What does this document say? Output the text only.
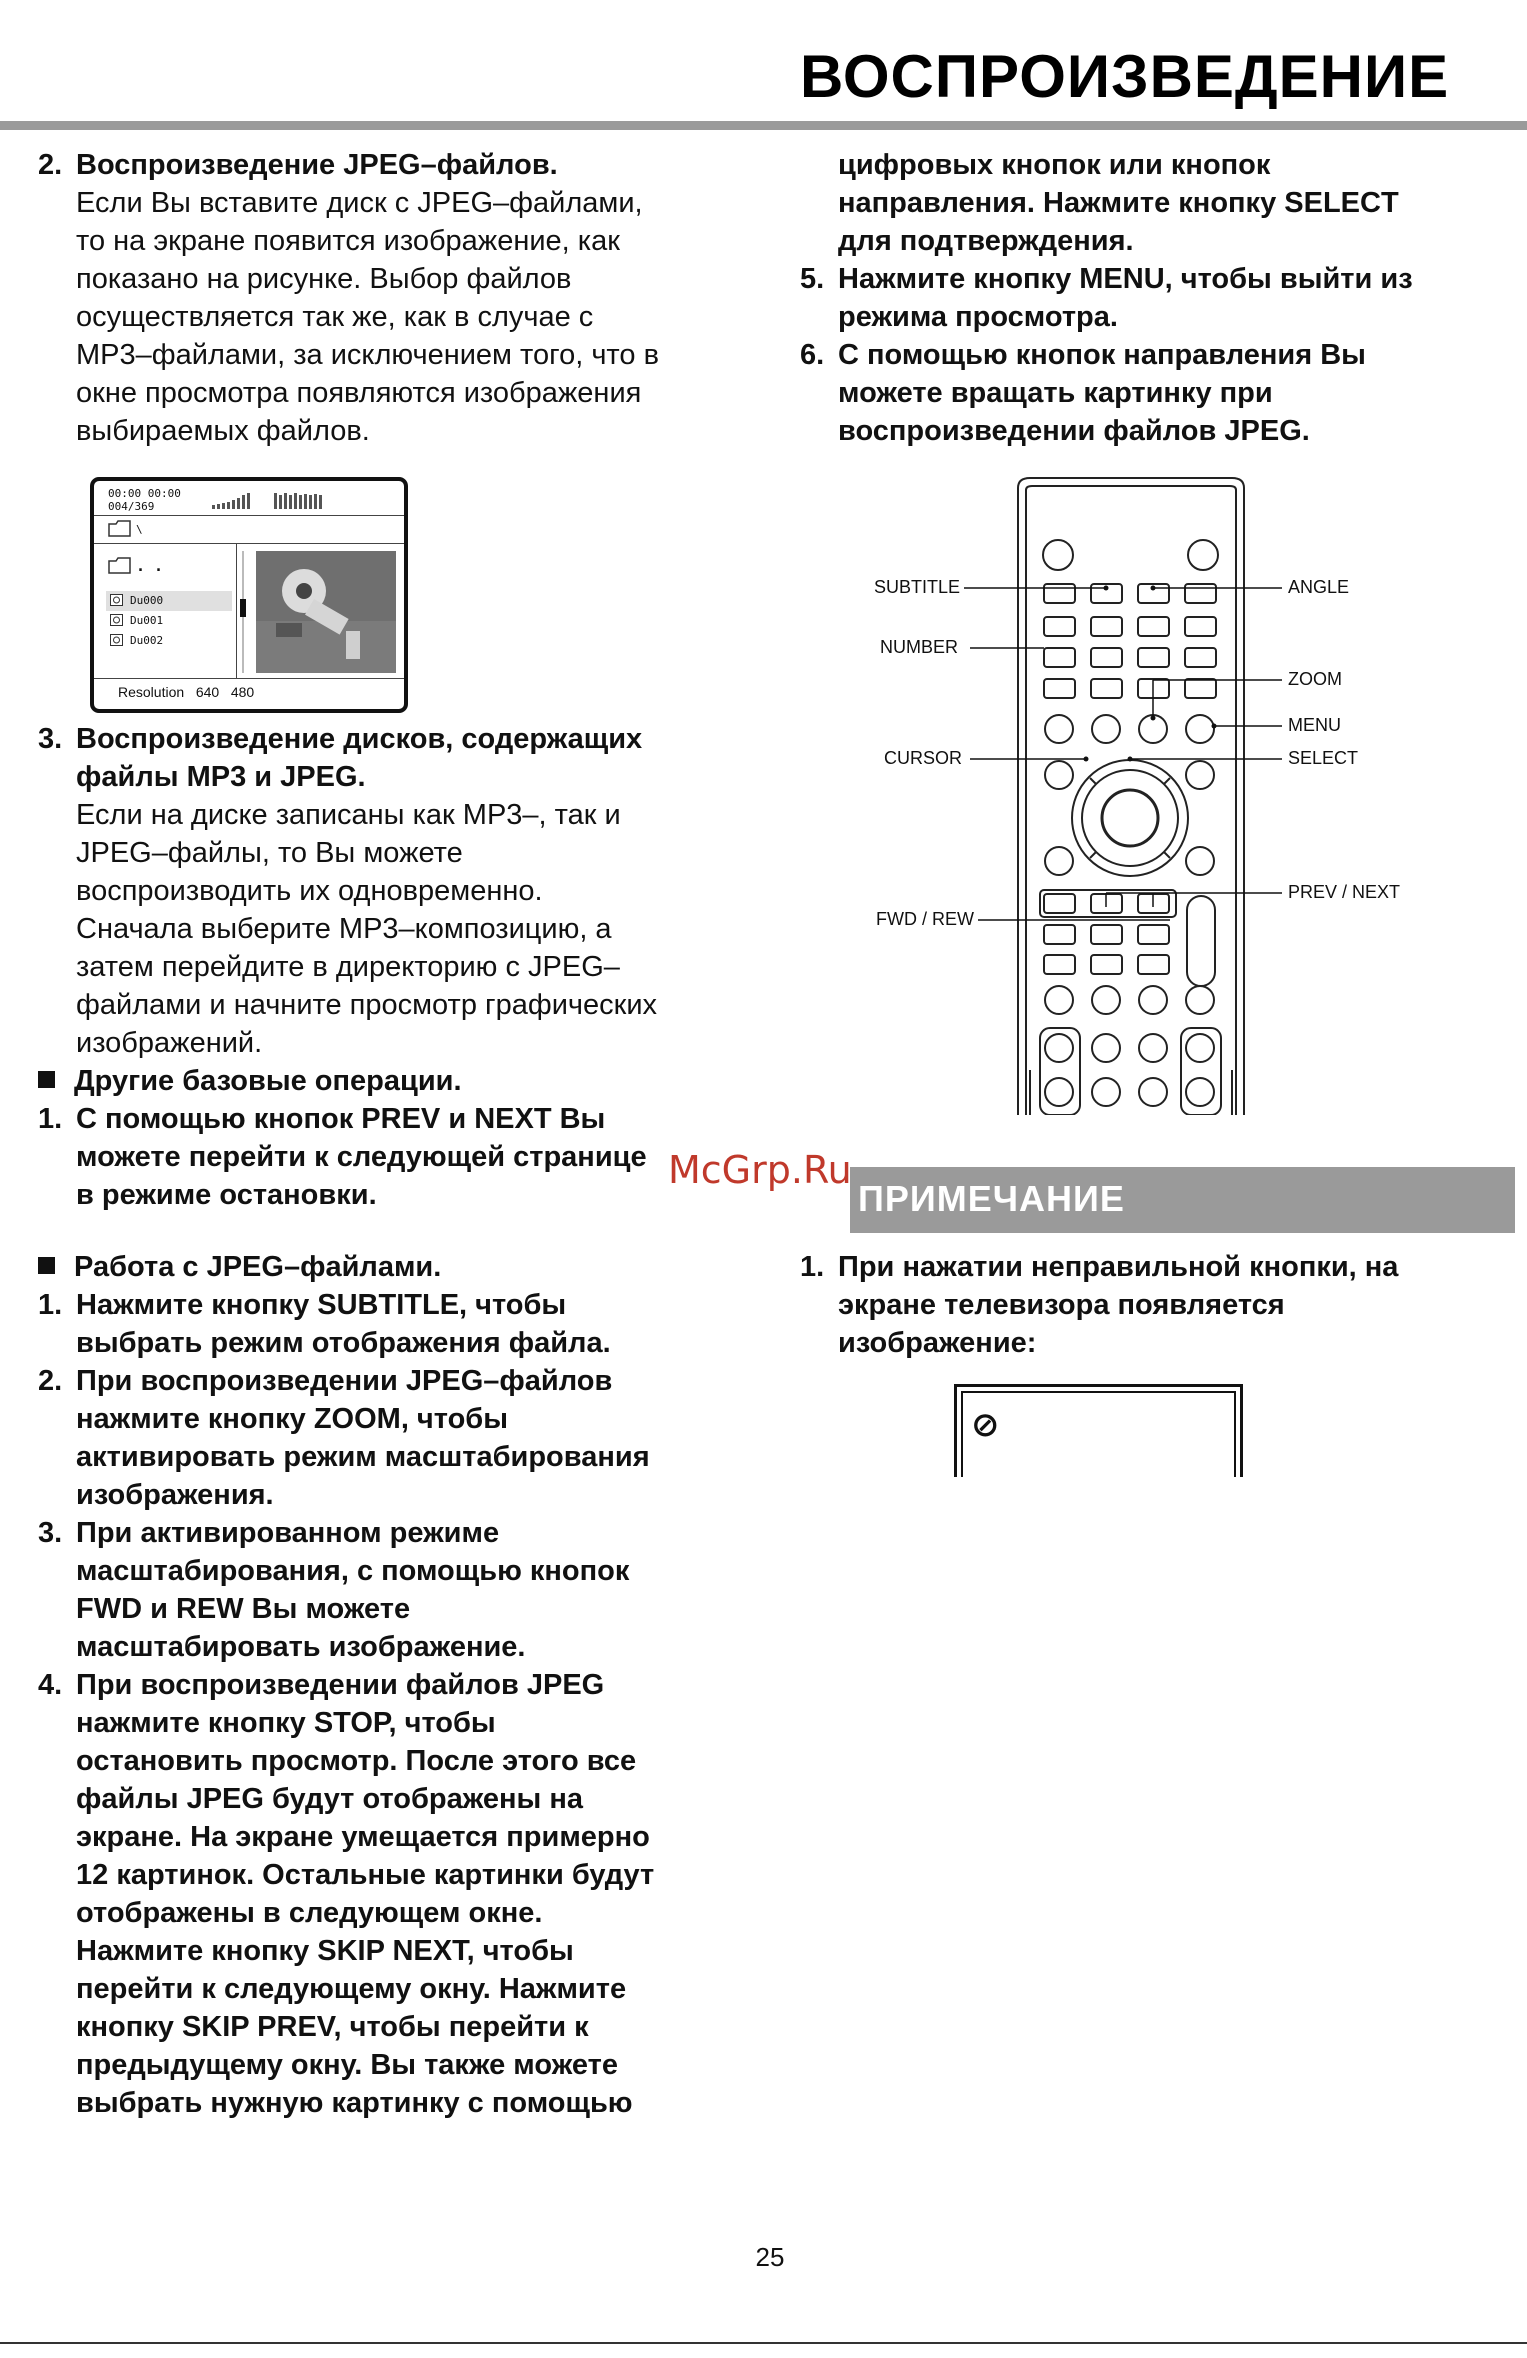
ВОСПРОИЗВЕДЕНИЕ
2. Воспроизведение JPEG–файлов.
Если Вы вставите диск с JPEG–файлами,
то на экране появится изображение, как
показано на рисунке. Выбор файлов
осуществляется так же, как в случае с
MP3–файлами, за исключением того, что в
окне просмотра появляются изображения
выбираемых файлов.
00:00 00:00
004/369
\
. .
Du000
Du001
Du002
Resolution 640 480
3. Воспроизведение дисков, содержащих
файлы MP3 и JPEG.
Если на диске записаны как MP3–, так и
JPEG–файлы, то Вы можете
воспроизводить их одновременно.
Сначала выберите MP3–композицию, а
затем перейдите в директорию с JPEG–
файлами и начните просмотр графических
изображений.
Другие базовые операции.
1. С помощью кнопок PREV и NEXT Вы
можете перейти к следующей странице
в режиме остановки.
Работа с JPEG–файлами.
1. Нажмите кнопку SUBTITLE, чтобы
выбрать режим отображения файла.
2. При воспроизведении JPEG–файлов
нажмите кнопку ZOOM, чтобы
активировать режим масштабирования
изображения.
3. При активированном режиме
масштабирования, с помощью кнопок
FWD и REW Вы можете
масштабировать изображение.
4. При воспроизведении файлов JPEG
нажмите кнопку STOP, чтобы
остановить просмотр. После этого все
файлы JPEG будут отображены на
экране. На экране умещается примерно
12 картинок. Остальные картинки будут
отображены в следующем окне.
Нажмите кнопку SKIP NEXT, чтобы
перейти к следующему окну. Нажмите
кнопку SKIP PREV, чтобы перейти к
предыдущему окну. Вы также можете
выбрать нужную картинку с помощью
цифровых кнопок или кнопок
направления. Нажмите кнопку SELECT
для подтверждения.
5. Нажмите кнопку MENU, чтобы выйти из
режима просмотра.
6. С помощью кнопок направления Вы
можете вращать картинку при
воспроизведении файлов JPEG.
SUBTITLE	ANGLE
NUMBER
ZOOM
MENU
CURSOR	SELECT
PREV / NEXT
FWD / REW
ПРИМЕЧАНИЕ
McGrp.Ru
1. При нажатии неправильной кнопки, на
экране телевизора появляется
изображение:
⊘
25
